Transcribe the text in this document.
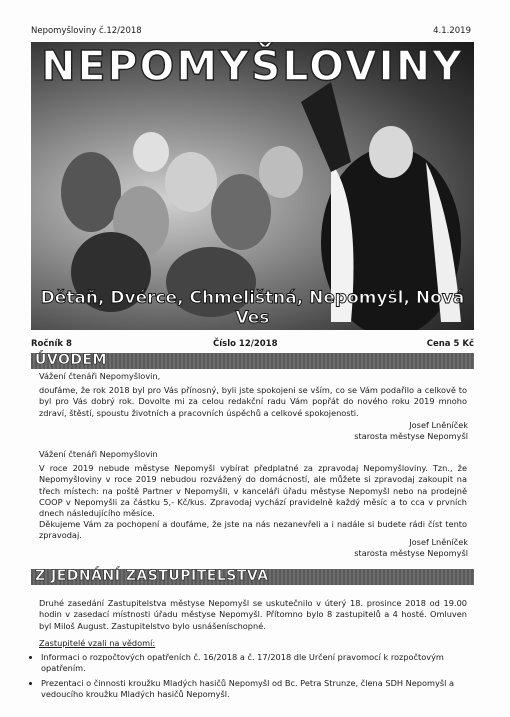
Nepomyšloviny č.12/2018	4.1.2019
NEPOMYŠLOVINY
Dětaň, Dvérce, Chmelištná, Nepomyšl, Nová Ves
Ročník 8	Číslo 12/2018	Cena 5 Kč
ÚVODEM
Vážení čtenáři Nepomyšlovin,
doufáme, že rok 2018 byl pro Vás přínosný, byli jste spokojeni se vším, co se Vám podařilo a celkově to byl pro Vás dobrý rok. Dovolte mi za celou redakční radu Vám popřát do nového roku 2019 mnoho zdraví, štěstí, spoustu životních a pracovních úspěchů a celkové spokojenosti.
Josef Lněníček
starosta městyse Nepomyšl
Vážení čtenáři Nepomyšlovin
V roce 2019 nebude městyse Nepomyšl vybírat předplatné za zpravodaj Nepomyšloviny. Tzn., že Nepomyšloviny v roce 2019 nebudou rozvážený do domácností, ale můžete si zpravodaj zakoupit na třech místech: na poště Partner v Nepomyšli, v kanceláři úřadu městyse Nepomyšl nebo na prodejně COOP v Nepomyšli za částku 5,- Kč/kus. Zpravodaj vychází pravidelně každý měsíc a to cca v prvních dnech následujícího měsíce.
Děkujeme Vám za pochopení a doufáme, že jste na nás nezanevřeli a i nadále si budete rádi číst tento zpravodaj.
Josef Lněníček
starosta městyse Nepomyšl
Z JEDNÁNÍ ZASTUPITELSTVA
Druhé zasedání Zastupitelstva městyse Nepomyšl se uskutečnilo v úterý 18. prosince 2018 od 19.00 hodin v zasedací místnosti úřadu městyse Nepomyšl. Přítomno bylo 8 zastupitelů a 4 hosté. Omluven byl Miloš August. Zastupitelstvo bylo usnášeníschopné.
Zastupitelé vzali na vědomí:
• Informaci o rozpočtových opatřeních č. 16/2018 a č. 17/2018 dle Určení pravomocí k rozpočtovým opatřením.
• Prezentaci o činnosti kroužku Mladých hasičů Nepomyšl od Bc. Petra Strunze, člena SDH Nepomyšl a vedoucího kroužku Mladých hasičů Nepomyšl.
